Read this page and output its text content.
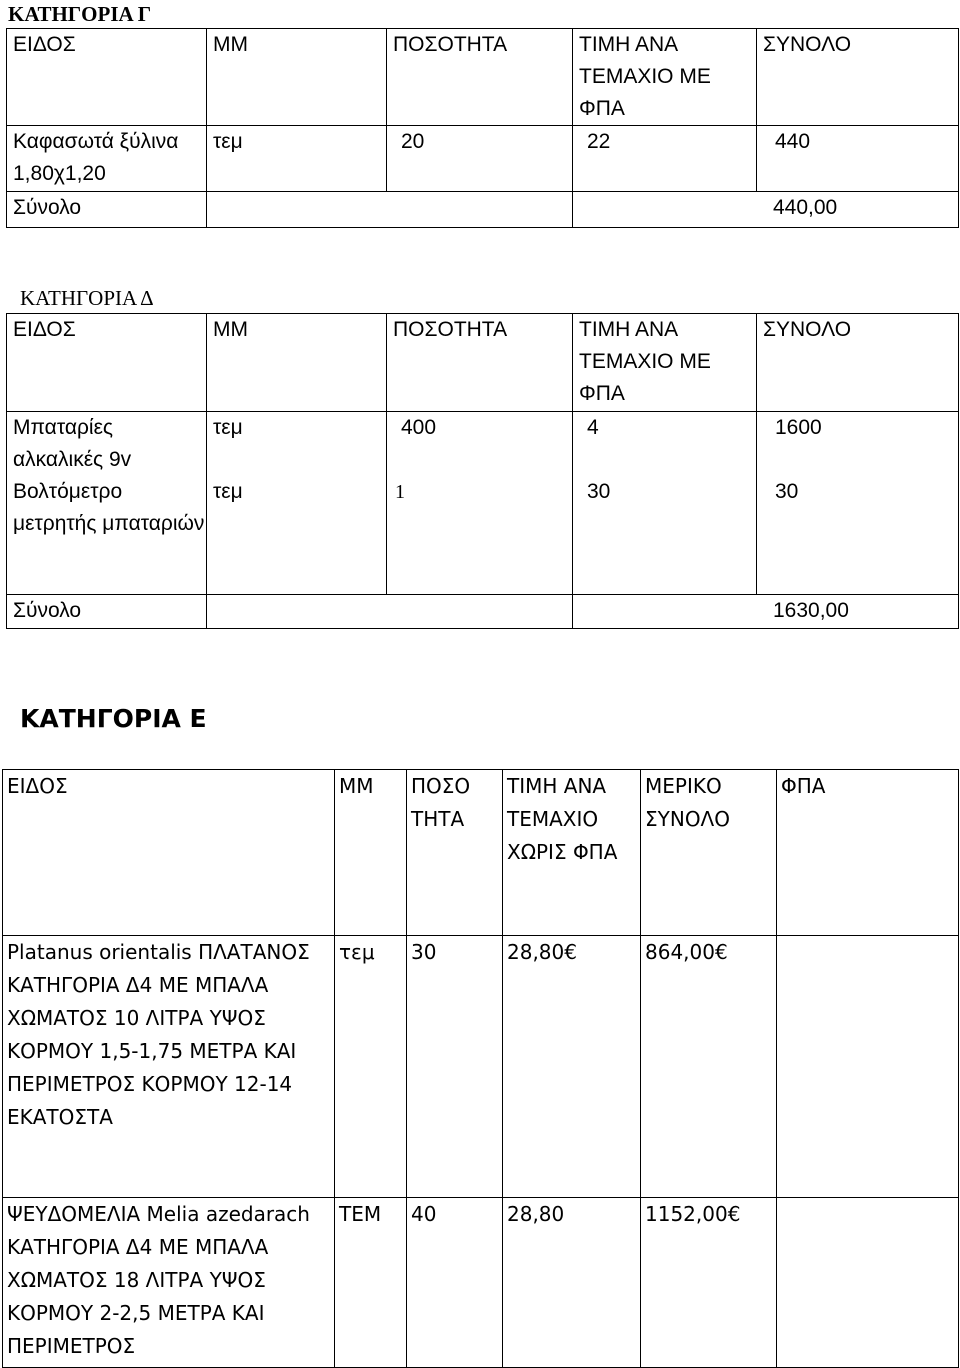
ΚΑΤΗΓΟΡΙΑ Γ
ΕΙΔΟΣ	ΜΜ	ΠΟΣΟΤΗΤΑ	ΤΙΜΗ ΑΝΑ ΤΕΜΑΧΙΟ ΜΕ ΦΠΑ	ΣΥΝΟΛΟ
Καφασωτά ξύλινα 1,80χ1,20	τεμ	20	22	440
Σύνολο			440,00	
ΚΑΤΗΓΟΡΙΑ Δ
ΕΙΔΟΣ	ΜΜ	ΠΟΣΟΤΗΤΑ	ΤΙΜΗ ΑΝΑ ΤΕΜΑΧΙΟ ΜΕ ΦΠΑ	ΣΥΝΟΛΟ
Μπαταρίες αλκαλικές 9v	τεμ	400	4	1600
Βολτόμετρο μετρητής μπαταριών	τεμ	1	30	30
Σύνολο			1630,00	
ΚΑΤΗΓΟΡΙΑ Ε
ΕΙΔΟΣ	ΜΜ	ΠΟΣΟ ΤΗΤΑ	ΤΙΜΗ ΑΝΑ ΤΕΜΑΧΙΟ ΧΩΡΙΣ ΦΠΑ	ΜΕΡΙΚΟ ΣΥΝΟΛΟ	ΦΠΑ
Platanus orientalis ΠΛΑΤΑΝΟΣ ΚΑΤΗΓΟΡΙΑ Δ4 ΜΕ ΜΠΑΛΑ ΧΩΜΑΤΟΣ 10 ΛΙΤΡΑ ΥΨΟΣ ΚΟΡΜΟΥ 1,5-1,75 ΜΕΤΡΑ ΚΑΙ ΠΕΡΙΜΕΤΡΟΣ ΚΟΡΜΟΥ 12-14 ΕΚΑΤΟΣΤΑ	τεμ	30	28,80€	864,00€	
ΨΕΥΔΟΜΕΛΙΑ Melia azedarach ΚΑΤΗΓΟΡΙΑ Δ4 ΜΕ ΜΠΑΛΑ ΧΩΜΑΤΟΣ 18 ΛΙΤΡΑ ΥΨΟΣ ΚΟΡΜΟΥ 2-2,5 ΜΕΤΡΑ ΚΑΙ ΠΕΡΙΜΕΤΡΟΣ	ΤΕΜ	40	28,80	1152,00€	
